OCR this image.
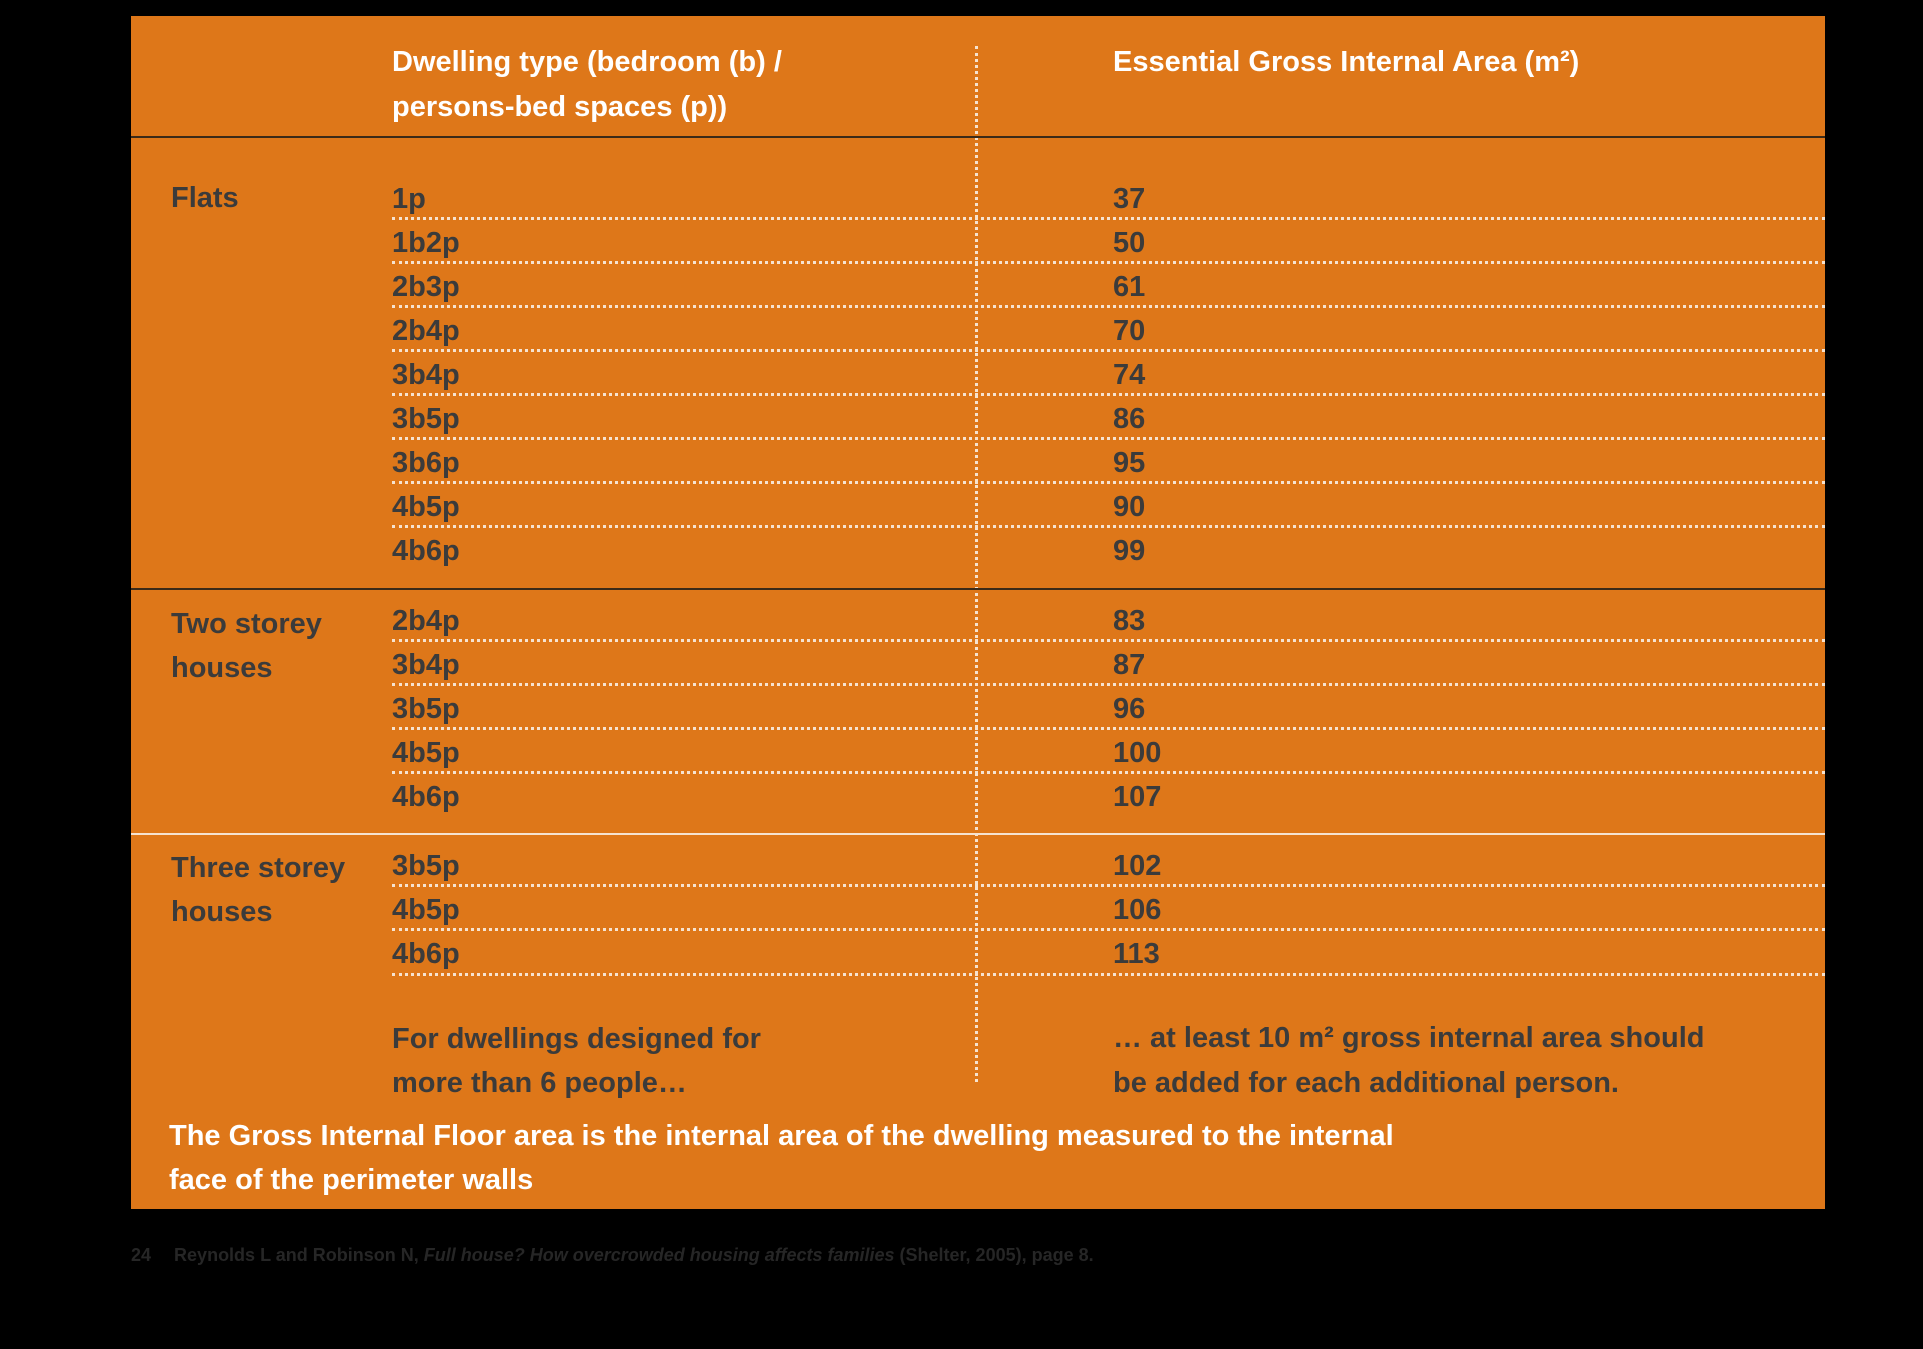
Dwelling type (bedroom (b) /
persons-bed spaces (p))
Essential Gross Internal Area (m²)
Flats	1p	37
1b2p	50
2b3p	61
2b4p	70
3b4p	74
3b5p	86
3b6p	95
4b5p	90
4b6p	99
Two storey
houses
2b4p	83
3b4p	87
3b5p	96
4b5p	100
4b6p	107
Three storey
houses
3b5p	102
4b5p	106
4b6p	113
For dwellings designed for
more than 6 people…
… at least 10 m² gross internal area should
be added for each additional person.
The Gross Internal Floor area is the internal area of the dwelling measured to the internal
face of the perimeter walls
24 Reynolds L and Robinson N, Full house? How overcrowded housing affects families (Shelter, 2005), page 8.
